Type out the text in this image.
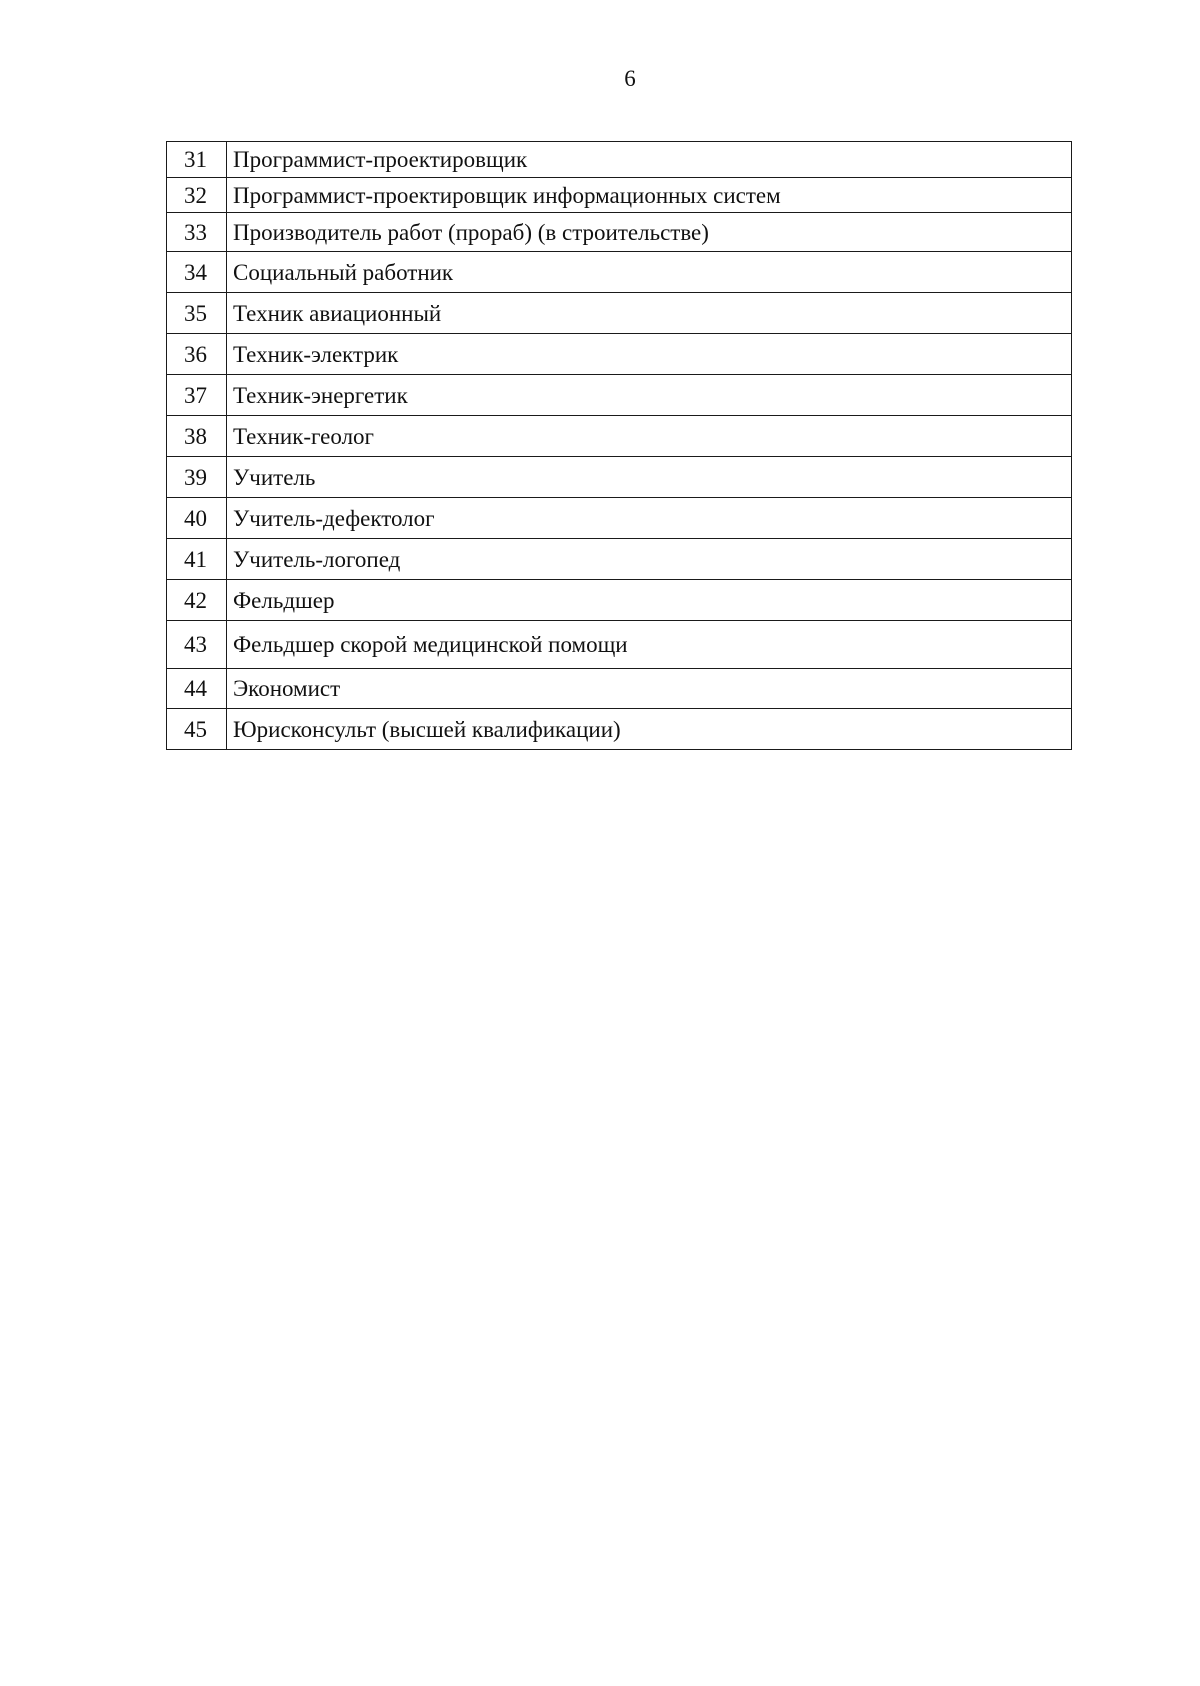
6
31	Программист-проектировщик
32	Программист-проектировщик информационных систем
33	Производитель работ (прораб) (в строительстве)
34	Социальный работник
35	Техник авиационный
36	Техник-электрик
37	Техник-энергетик
38	Техник-геолог
39	Учитель
40	Учитель-дефектолог
41	Учитель-логопед
42	Фельдшер
43	Фельдшер скорой медицинской помощи
44	Экономист
45	Юрисконсульт (высшей квалификации)
